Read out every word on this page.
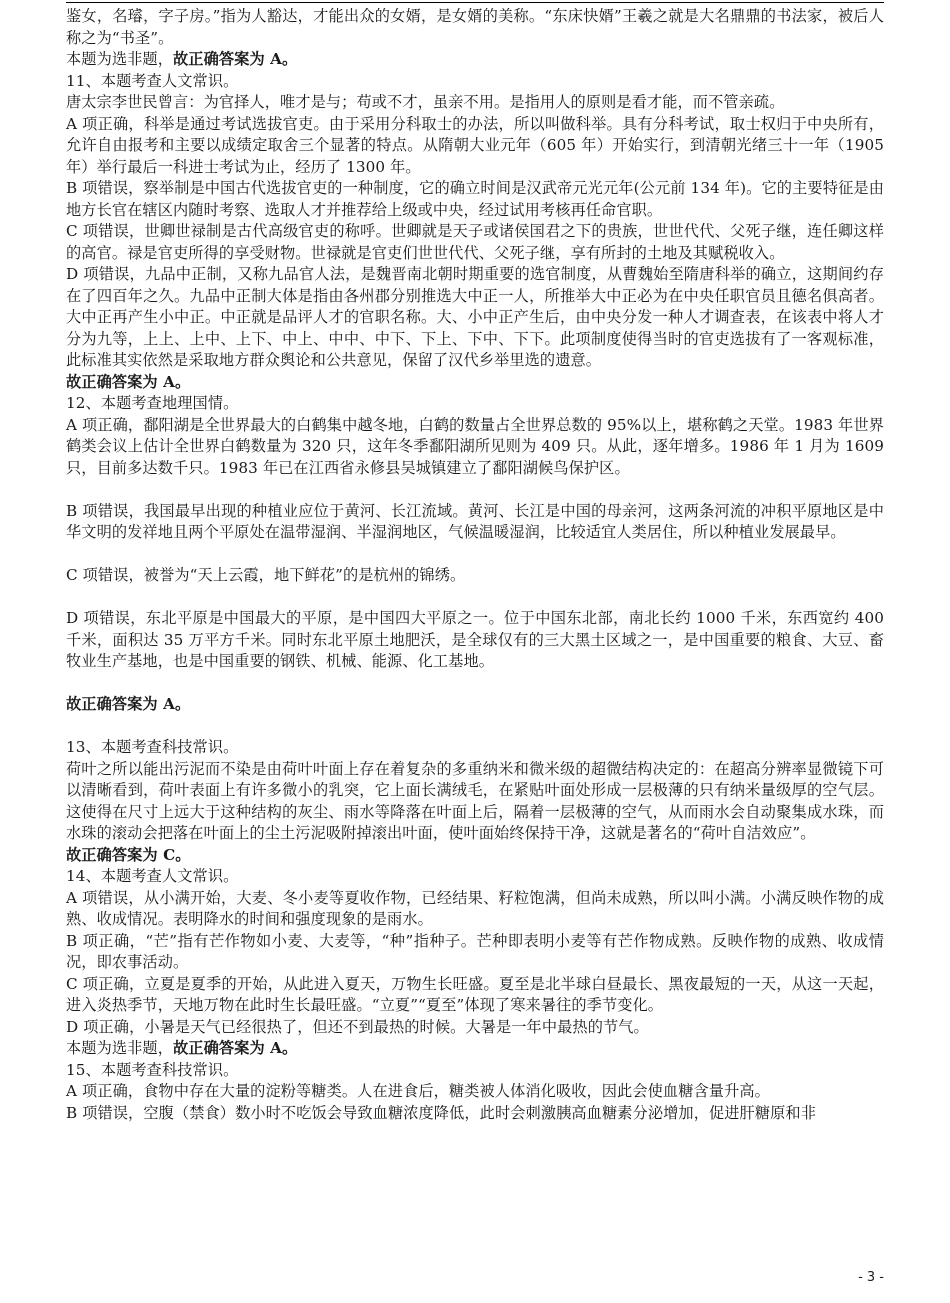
鉴女，名璿，字子房。”指为人豁达，才能出众的女婿，是女婿的美称。“东床快婿”王羲之就是大名鼎鼎的书法家，被后人称之为“书圣”。

本题为选非题，故正确答案为 A。

11、本题考查人文常识。

唐太宗李世民曾言：为官择人，唯才是与；苟或不才，虽亲不用。是指用人的原则是看才能，而不管亲疏。

A 项正确，科举是通过考试选拔官吏。由于采用分科取士的办法，所以叫做科举。具有分科考试，取士权归于中央所有，允许自由报考和主要以成绩定取舍三个显著的特点。从隋朝大业元年（605 年）开始实行，到清朝光绪三十一年（1905 年）举行最后一科进士考试为止，经历了 1300 年。

B 项错误，察举制是中国古代选拔官吏的一种制度，它的确立时间是汉武帝元光元年(公元前 134 年)。它的主要特征是由地方长官在辖区内随时考察、选取人才并推荐给上级或中央，经过试用考核再任命官职。

C 项错误，世卿世禄制是古代高级官吏的称呼。世卿就是天子或诸侯国君之下的贵族，世世代代、父死子继，连任卿这样的高官。禄是官吏所得的享受财物。世禄就是官吏们世世代代、父死子继，享有所封的土地及其赋税收入。

D 项错误，九品中正制，又称九品官人法，是魏晋南北朝时期重要的选官制度，从曹魏始至隋唐科举的确立，这期间约存在了四百年之久。九品中正制大体是指由各州郡分别推选大中正一人，所推举大中正必为在中央任职官员且德名俱高者。大中正再产生小中正。中正就是品评人才的官职名称。大、小中正产生后，由中央分发一种人才调查表，在该表中将人才分为九等，上上、上中、上下、中上、中中、中下、下上、下中、下下。此项制度使得当时的官吏选拔有了一客观标准，此标准其实依然是采取地方群众舆论和公共意见，保留了汉代乡举里选的遗意。

故正确答案为 A。

12、本题考查地理国情。

A 项正确，鄱阳湖是全世界最大的白鹤集中越冬地，白鹤的数量占全世界总数的 95%以上，堪称鹤之天堂。1983 年世界鹤类会议上估计全世界白鹤数量为 320 只，这年冬季鄱阳湖所见则为 409 只。从此，逐年增多。1986 年 1 月为 1609 只，目前多达数千只。1983 年已在江西省永修县吴城镇建立了鄱阳湖候鸟保护区。

B 项错误，我国最早出现的种植业应位于黄河、长江流域。黄河、长江是中国的母亲河，这两条河流的冲积平原地区是中华文明的发祥地且两个平原处在温带湿润、半湿润地区，气候温暖湿润，比较适宜人类居住，所以种植业发展最早。

C 项错误，被誉为“天上云霞，地下鲜花”的是杭州的锦绣。

D 项错误，东北平原是中国最大的平原，是中国四大平原之一。位于中国东北部，南北长约 1000 千米，东西宽约 400 千米，面积达 35 万平方千米。同时东北平原土地肥沃，是全球仅有的三大黑土区域之一，是中国重要的粮食、大豆、畜牧业生产基地，也是中国重要的钢铁、机械、能源、化工基地。

故正确答案为 A。

13、本题考查科技常识。

荷叶之所以能出污泥而不染是由荷叶叶面上存在着复杂的多重纳米和微米级的超微结构决定的：在超高分辨率显微镜下可以清晰看到，荷叶表面上有许多微小的乳突，它上面长满绒毛，在紧贴叶面处形成一层极薄的只有纳米量级厚的空气层。这使得在尺寸上远大于这种结构的灰尘、雨水等降落在叶面上后，隔着一层极薄的空气，从而雨水会自动聚集成水珠，而水珠的滚动会把落在叶面上的尘土污泥吸附掉滚出叶面，使叶面始终保持干净，这就是著名的“荷叶自洁效应”。

故正确答案为 C。

14、本题考查人文常识。

A 项错误，从小满开始，大麦、冬小麦等夏收作物，已经结果、籽粒饱满，但尚未成熟，所以叫小满。小满反映作物的成熟、收成情况。表明降水的时间和强度现象的是雨水。

B 项正确，“芒”指有芒作物如小麦、大麦等，“种”指种子。芒种即表明小麦等有芒作物成熟。反映作物的成熟、收成情况，即农事活动。

C 项正确，立夏是夏季的开始，从此进入夏天，万物生长旺盛。夏至是北半球白昼最长、黑夜最短的一天，从这一天起，进入炎热季节，天地万物在此时生长最旺盛。“立夏”“夏至”体现了寒来暑往的季节变化。

D 项正确，小暑是天气已经很热了，但还不到最热的时候。大暑是一年中最热的节气。

本题为选非题，故正确答案为 A。

15、本题考查科技常识。

A 项正确，食物中存在大量的淀粉等糖类。人在进食后，糖类被人体消化吸收，因此会使血糖含量升高。

B 项错误，空腹（禁食）数小时不吃饭会导致血糖浓度降低，此时会刺激胰高血糖素分泌增加，促进肝糖原和非

- 3 -
